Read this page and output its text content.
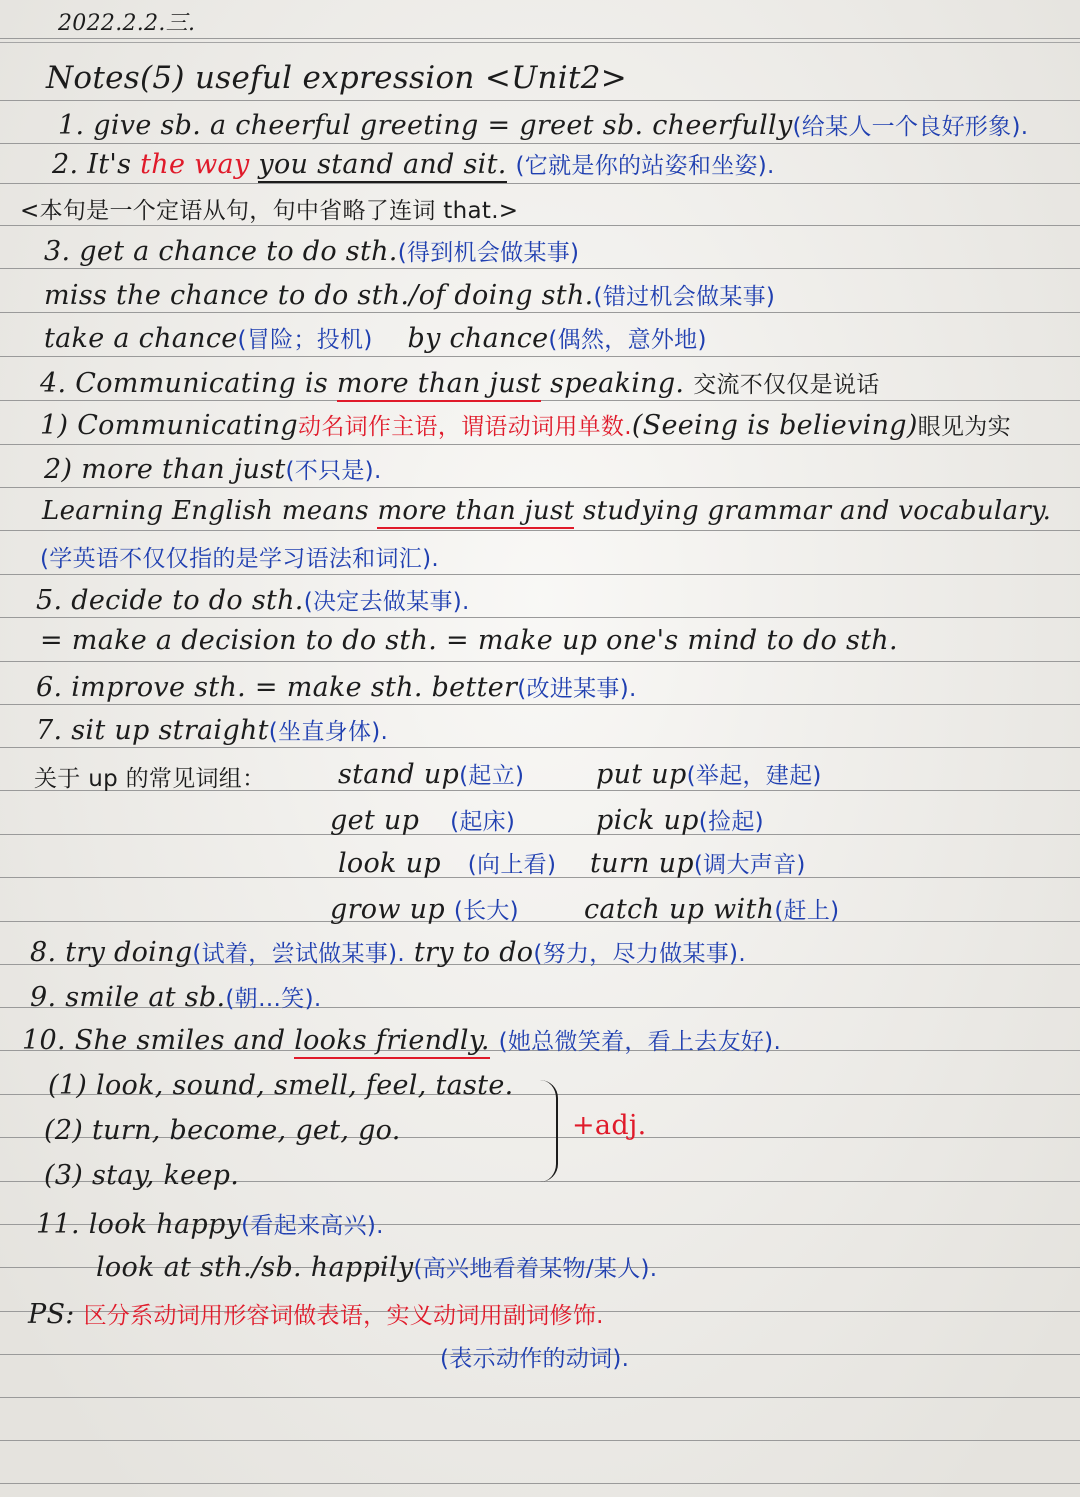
2022.2.2.三.
Notes(5) useful expression <Unit2>
1. give sb. a cheerful greeting = greet sb. cheerfully(给某人一个良好形象).
2. It's the way you stand and sit. (它就是你的站姿和坐姿).
<本句是一个定语从句，句中省略了连词 that.>
3. get a chance to do sth.(得到机会做某事)
miss the chance to do sth./of doing sth.(错过机会做某事)
take a chance(冒险；投机) by chance(偶然，意外地)
4. Communicating is more than just speaking. 交流不仅仅是说话
1) Communicating动名词作主语，谓语动词用单数.(Seeing is believing)眼见为实
2) more than just(不只是).
Learning English means more than just studying grammar and vocabulary.
(学英语不仅仅指的是学习语法和词汇).
5. decide to do sth.(决定去做某事).
= make a decision to do sth. = make up one's mind to do sth.
6. improve sth. = make sth. better(改进某事).
7. sit up straight(坐直身体).
关于 up 的常见词组：	stand up(起立)	put up(举起，建起)
get up (起床)	pick up(捡起)
look up (向上看) turn up(调大声音)
grow up (长大) catch up with(赶上)
8. try doing(试着，尝试做某事). try to do(努力，尽力做某事).
9. smile at sb.(朝…笑).
10. She smiles and looks friendly. (她总微笑着，看上去友好).
(1) look, sound, smell, feel, taste.
(2) turn, become, get, go.
(3) stay, keep.
+adj.
11. look happy(看起来高兴).
look at sth./sb. happily(高兴地看着某物/某人).
PS: 区分系动词用形容词做表语，实义动词用副词修饰.
(表示动作的动词).
